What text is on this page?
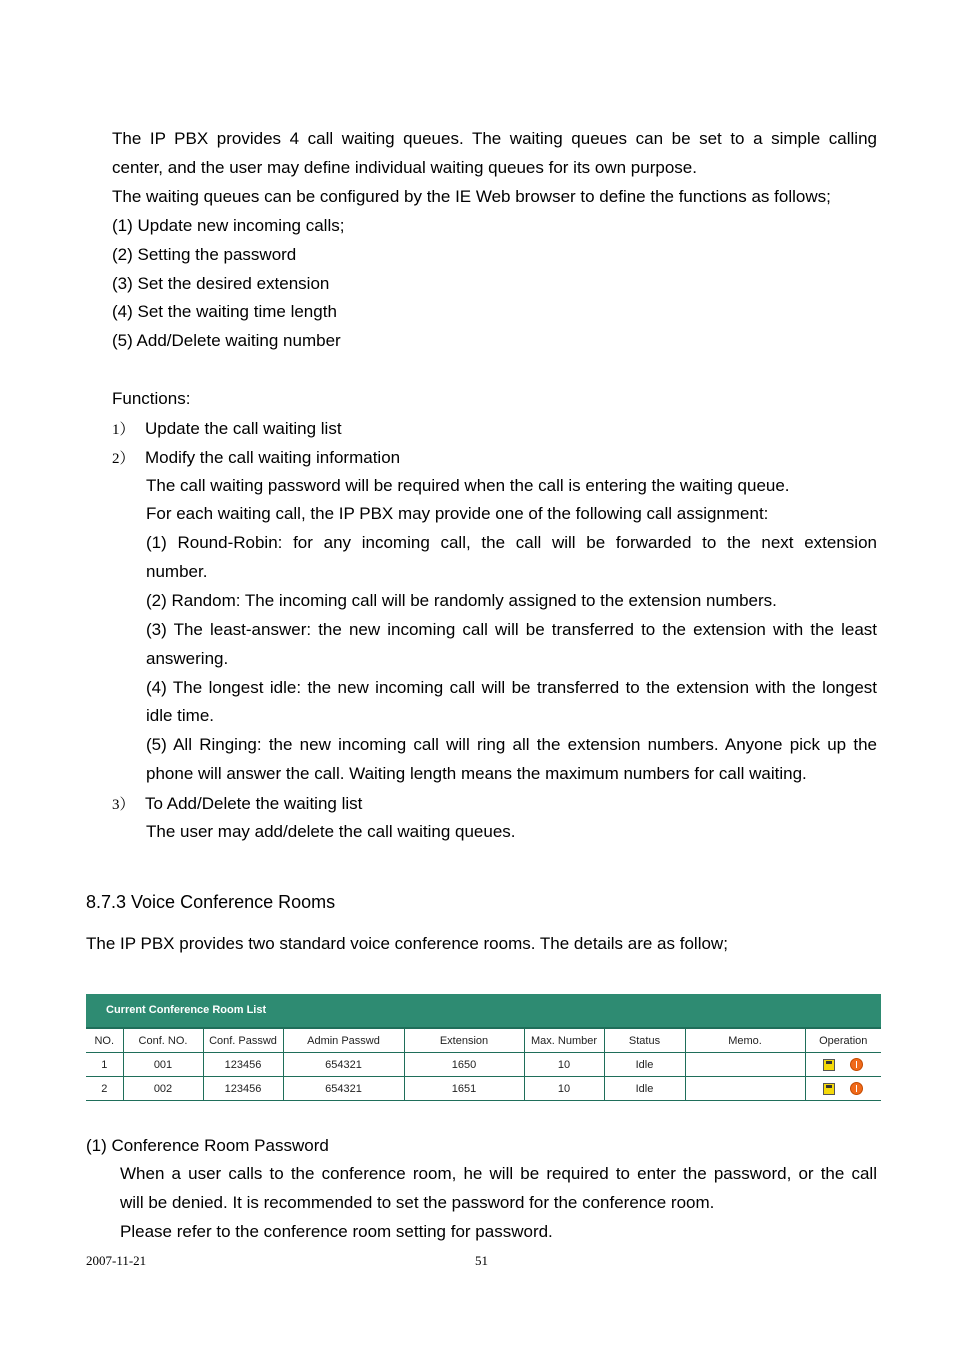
The IP PBX provides 4 call waiting queues. The waiting queues can be set to a simple calling
center, and the user may define individual waiting queues for its own purpose.
The waiting queues can be configured by the IE Web browser to define the functions as follows;
(1) Update new incoming calls;
(2) Setting the password
(3) Set the desired extension
(4) Set the waiting time length
(5) Add/Delete waiting number
Functions:
1） Update the call waiting list
2） Modify the call waiting information
The call waiting password will be required when the call is entering the waiting queue.
For each waiting call, the IP PBX may provide one of the following call assignment:
(1) Round-Robin: for any incoming call, the call will be forwarded to the next extension
number.
(2) Random: The incoming call will be randomly assigned to the extension numbers.
(3) The least-answer: the new incoming call will be transferred to the extension with the least
answering.
(4) The longest idle: the new incoming call will be transferred to the extension with the longest
idle time.
(5) All Ringing: the new incoming call will ring all the extension numbers. Anyone pick up the
phone will answer the call. Waiting length means the maximum numbers for call waiting.
3） To Add/Delete the waiting list
The user may add/delete the call waiting queues.
8.7.3 Voice Conference Rooms
The IP PBX provides two standard voice conference rooms. The details are as follow;
Current Conference Room List
NO.	Conf. NO.	Conf. Passwd	Admin Passwd	Extension	Max. Number	Status	Memo.	Operation
1	001	123456	654321	1650	10	Idle		

2	002	123456	654321	1651	10	Idle		
(1) Conference Room Password
When a user calls to the conference room, he will be required to enter the password, or the call
will be denied. It is recommended to set the password for the conference room.
Please refer to the conference room setting for password.
2007-11-21	51
